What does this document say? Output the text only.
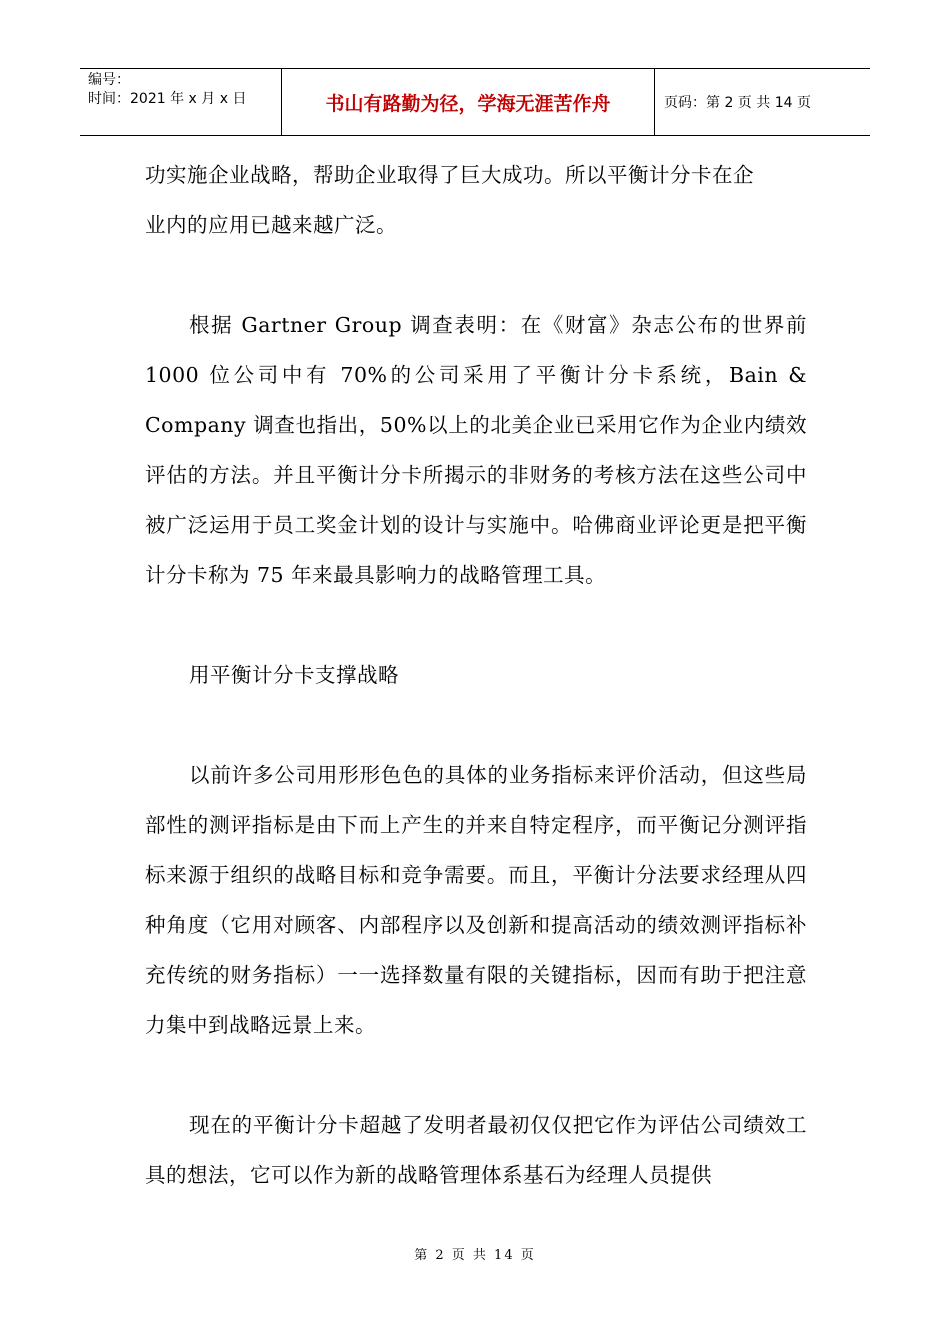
编号：
时间：2021 年 x 月 x 日	书山有路勤为径，学海无涯苦作舟	页码：第 2 页 共 14 页

功实施企业战略，帮助企业取得了巨大成功。所以平衡计分卡在企
业内的应用已越来越广泛。

根据 Gartner Group 调查表明：在《财富》杂志公布的世界前 1000 位公司中有 70%的公司采用了平衡计分卡系统，Bain & Company 调查也指出，50%以上的北美企业已采用它作为企业内绩效评估的方法。并且平衡计分卡所揭示的非财务的考核方法在这些公司中被广泛运用于员工奖金计划的设计与实施中。哈佛商业评论更是把平衡计分卡称为 75 年来最具影响力的战略管理工具。

用平衡计分卡支撑战略

以前许多公司用形形色色的具体的业务指标来评价活动，但这些局部性的测评指标是由下而上产生的并来自特定程序，而平衡记分测评指标来源于组织的战略目标和竞争需要。而且，平衡计分法要求经理从四种角度（它用对顾客、内部程序以及创新和提高活动的绩效测评指标补充传统的财务指标）一一选择数量有限的关键指标，因而有助于把注意力集中到战略远景上来。

现在的平衡计分卡超越了发明者最初仅仅把它作为评估公司绩效工具的想法，它可以作为新的战略管理体系基石为经理人员提供

第 2 页 共 14 页
